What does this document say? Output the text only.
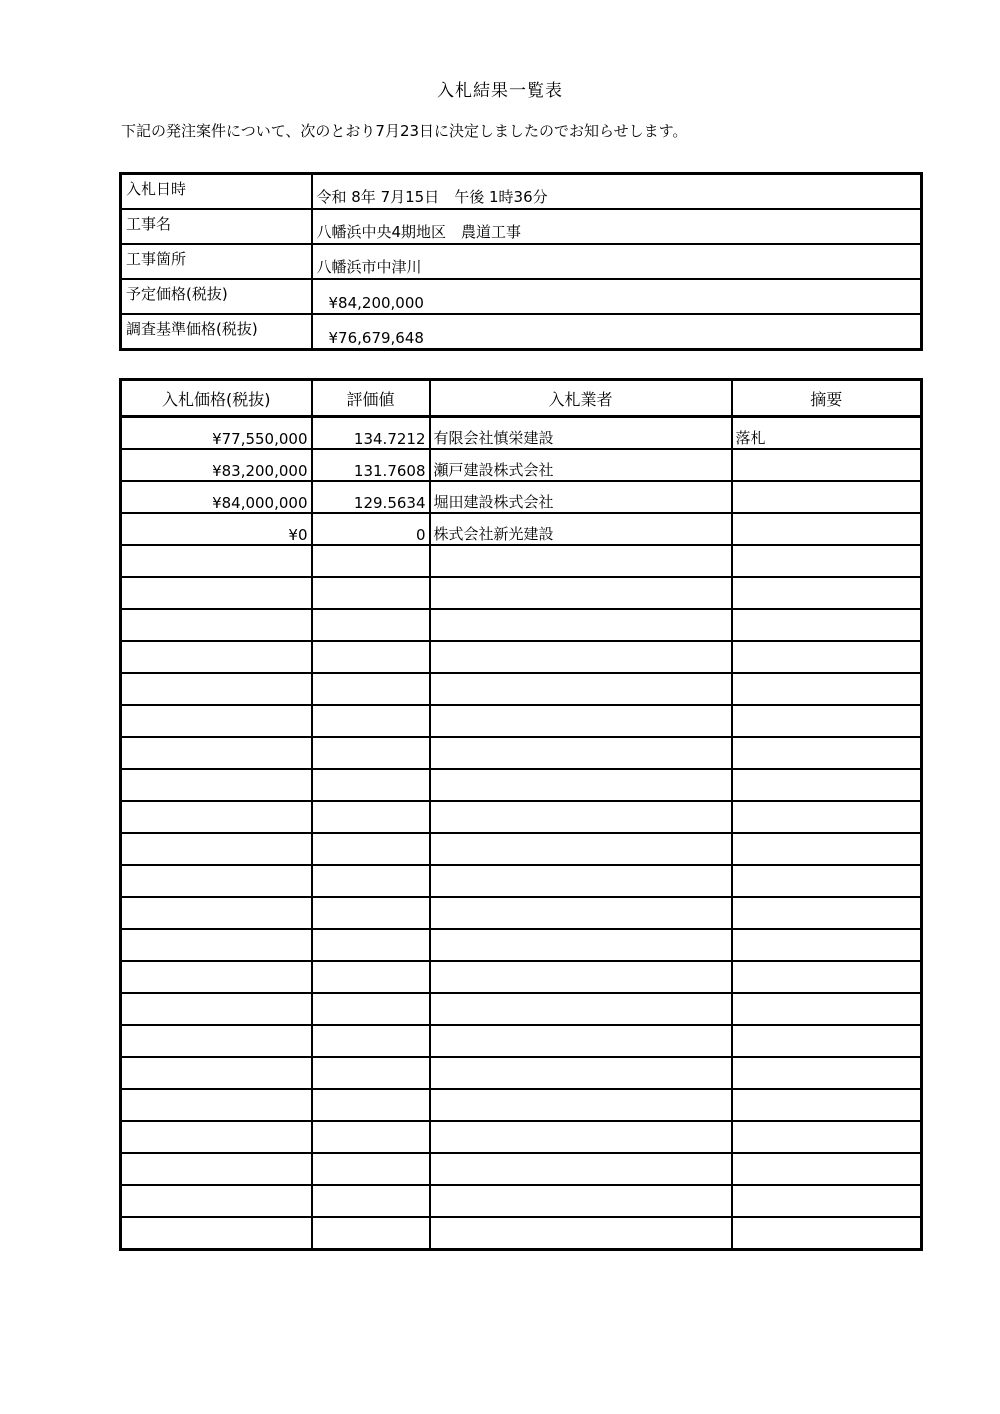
入札結果一覧表
下記の発注案件について、次のとおり7月23日に決定しましたのでお知らせします。
入札日時	令和 8年 7月15日　午後 1時36分
工事名	八幡浜中央4期地区　農道工事
工事箇所	八幡浜市中津川
予定価格(税抜)	¥84,200,000
調査基準価格(税抜)	¥76,679,648
入札価格(税抜)	評価値	入札業者	摘要
¥77,550,000	134.7212	有限会社慎栄建設	落札
¥83,200,000	131.7608	瀬戸建設株式会社	
¥84,000,000	129.5634	堀田建設株式会社	
¥0	0	株式会社新光建設	
